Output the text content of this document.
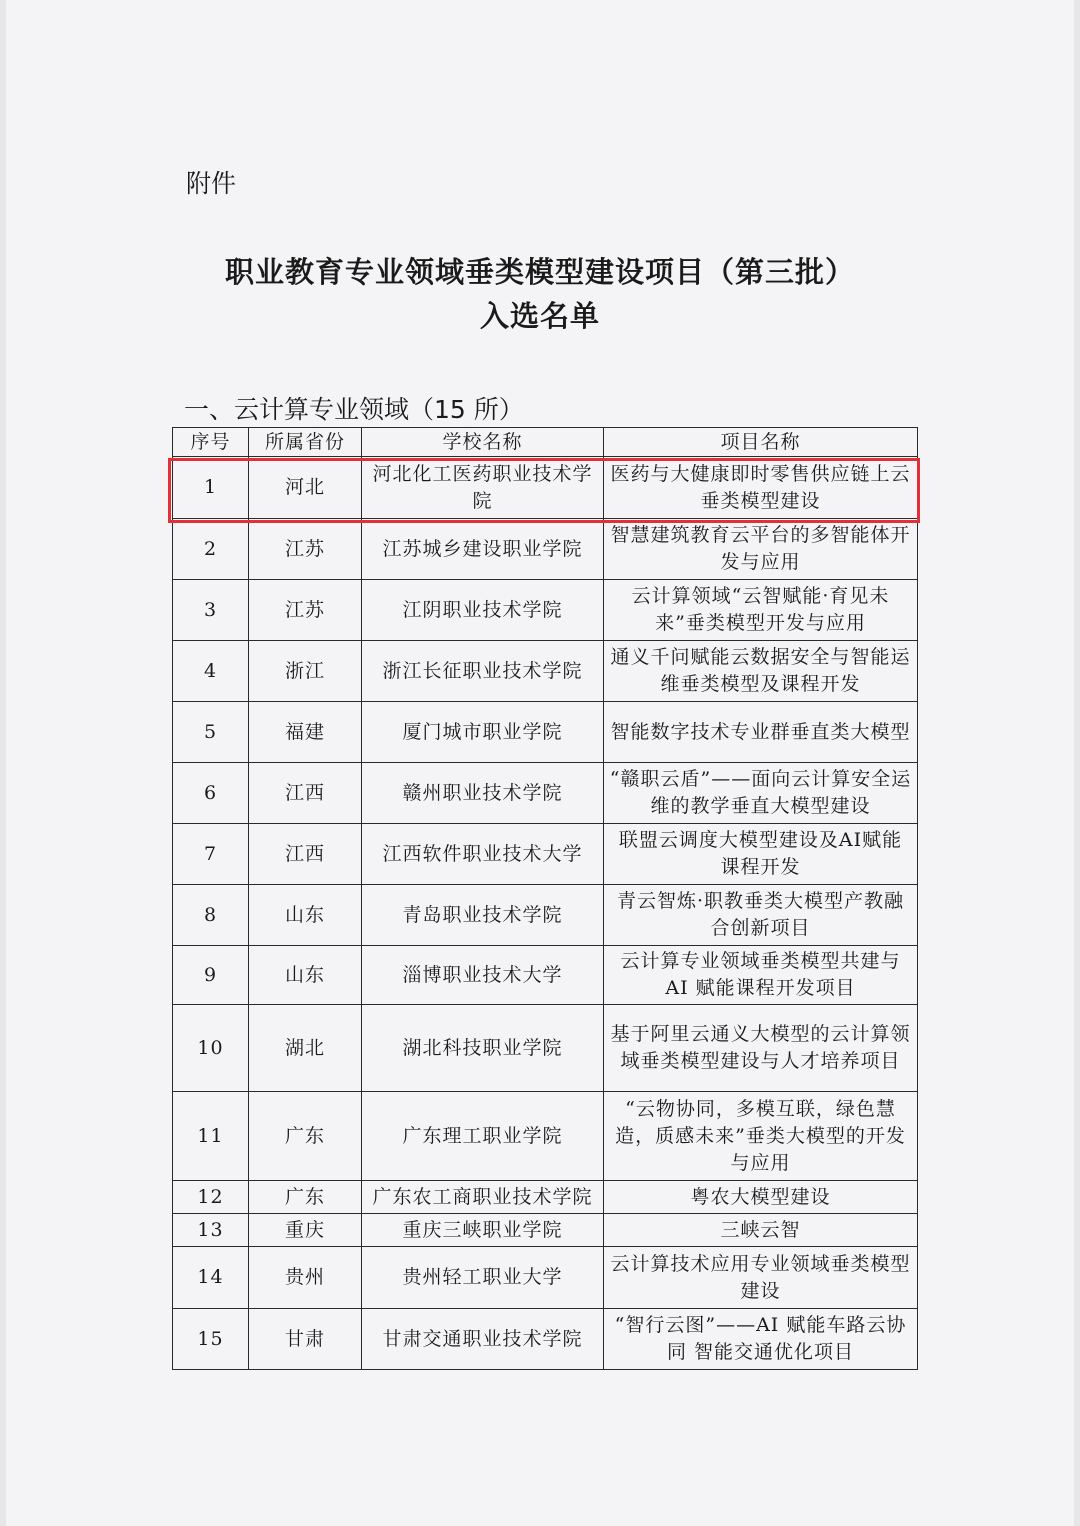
附件
职业教育专业领域垂类模型建设项目（第三批）
入选名单
一、云计算专业领域（15 所）
序号	所属省份	学校名称	项目名称
1	河北	河北化工医药职业技术学院	医药与大健康即时零售供应链上云垂类模型建设
2	江苏	江苏城乡建设职业学院	智慧建筑教育云平台的多智能体开发与应用
3	江苏	江阴职业技术学院	云计算领域“云智赋能·育见未来”垂类模型开发与应用
4	浙江	浙江长征职业技术学院	通义千问赋能云数据安全与智能运维垂类模型及课程开发
5	福建	厦门城市职业学院	智能数字技术专业群垂直类大模型
6	江西	赣州职业技术学院	“赣职云盾”——面向云计算安全运维的教学垂直大模型建设
7	江西	江西软件职业技术大学	联盟云调度大模型建设及AI赋能课程开发
8	山东	青岛职业技术学院	青云智炼·职教垂类大模型产教融合创新项目
9	山东	淄博职业技术大学	云计算专业领域垂类模型共建与AI 赋能课程开发项目
10	湖北	湖北科技职业学院	基于阿里云通义大模型的云计算领域垂类模型建设与人才培养项目
11	广东	广东理工职业学院	“云物协同，多模互联，绿色慧造，质感未来”垂类大模型的开发与应用
12	广东	广东农工商职业技术学院	粤农大模型建设
13	重庆	重庆三峡职业学院	三峡云智
14	贵州	贵州轻工职业大学	云计算技术应用专业领域垂类模型建设
15	甘肃	甘肃交通职业技术学院	“智行云图”——AI 赋能车路云协同 智能交通优化项目
